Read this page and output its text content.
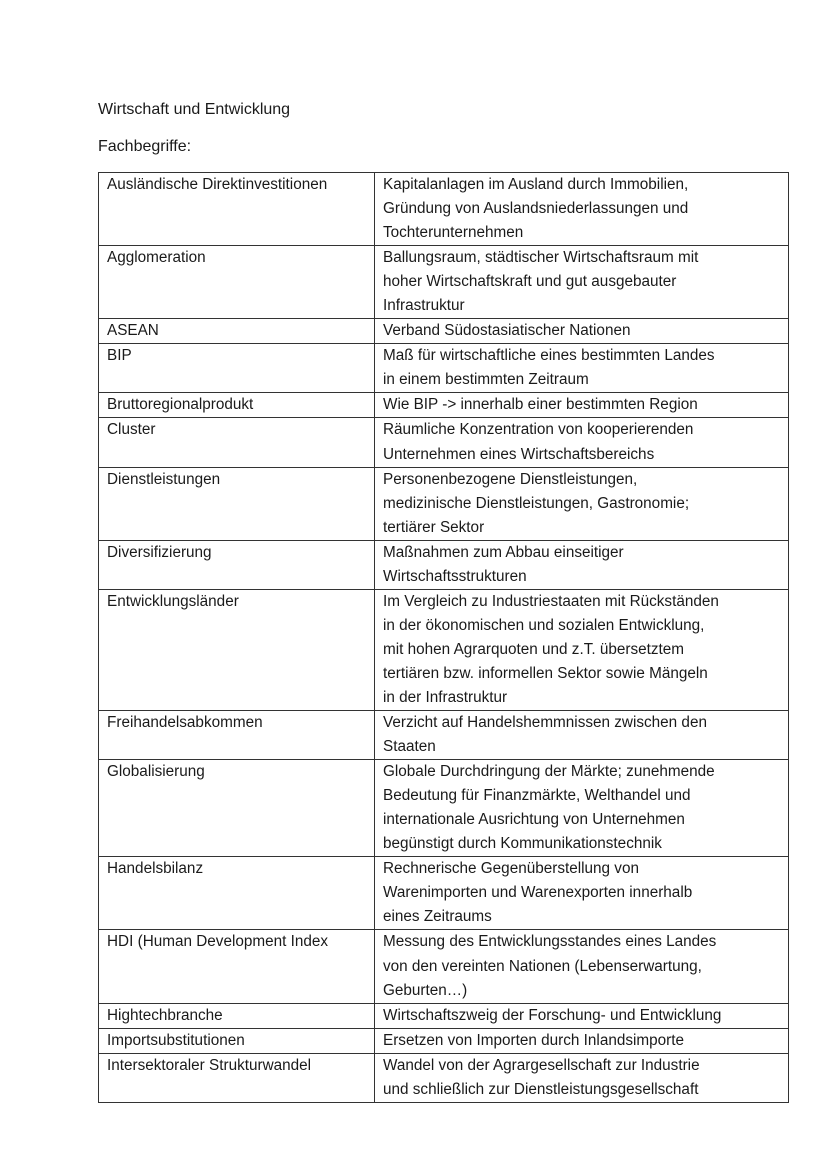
Wirtschaft und Entwicklung
Fachbegriffe:
Ausländische Direktinvestitionen	Kapitalanlagen im Ausland durch Immobilien,
Gründung von Auslandsniederlassungen und
Tochterunternehmen

Agglomeration	Ballungsraum, städtischer Wirtschaftsraum mit
hoher Wirtschaftskraft und gut ausgebauter
Infrastruktur

ASEAN	Verband Südostasiatischer Nationen

BIP	Maß für wirtschaftliche eines bestimmten Landes
in einem bestimmten Zeitraum

Bruttoregionalprodukt	Wie BIP -> innerhalb einer bestimmten Region

Cluster	Räumliche Konzentration von kooperierenden
Unternehmen eines Wirtschaftsbereichs

Dienstleistungen	Personenbezogene Dienstleistungen,
medizinische Dienstleistungen, Gastronomie;
tertiärer Sektor

Diversifizierung	Maßnahmen zum Abbau einseitiger
Wirtschaftsstrukturen

Entwicklungsländer	Im Vergleich zu Industriestaaten mit Rückständen
in der ökonomischen und sozialen Entwicklung,
mit hohen Agrarquoten und z.T. übersetztem
tertiären bzw. informellen Sektor sowie Mängeln
in der Infrastruktur

Freihandelsabkommen	Verzicht auf Handelshemmnissen zwischen den
Staaten

Globalisierung	Globale Durchdringung der Märkte; zunehmende
Bedeutung für Finanzmärkte, Welthandel und
internationale Ausrichtung von Unternehmen
begünstigt durch Kommunikationstechnik

Handelsbilanz	Rechnerische Gegenüberstellung von
Warenimporten und Warenexporten innerhalb
eines Zeitraums

HDI (Human Development Index	Messung des Entwicklungsstandes eines Landes
von den vereinten Nationen (Lebenserwartung,
Geburten…)

Hightechbranche	Wirtschaftszweig der Forschung- und Entwicklung

Importsubstitutionen	Ersetzen von Importen durch Inlandsimporte

Intersektoraler Strukturwandel	Wandel von der Agrargesellschaft zur Industrie
und schließlich zur Dienstleistungsgesellschaft
